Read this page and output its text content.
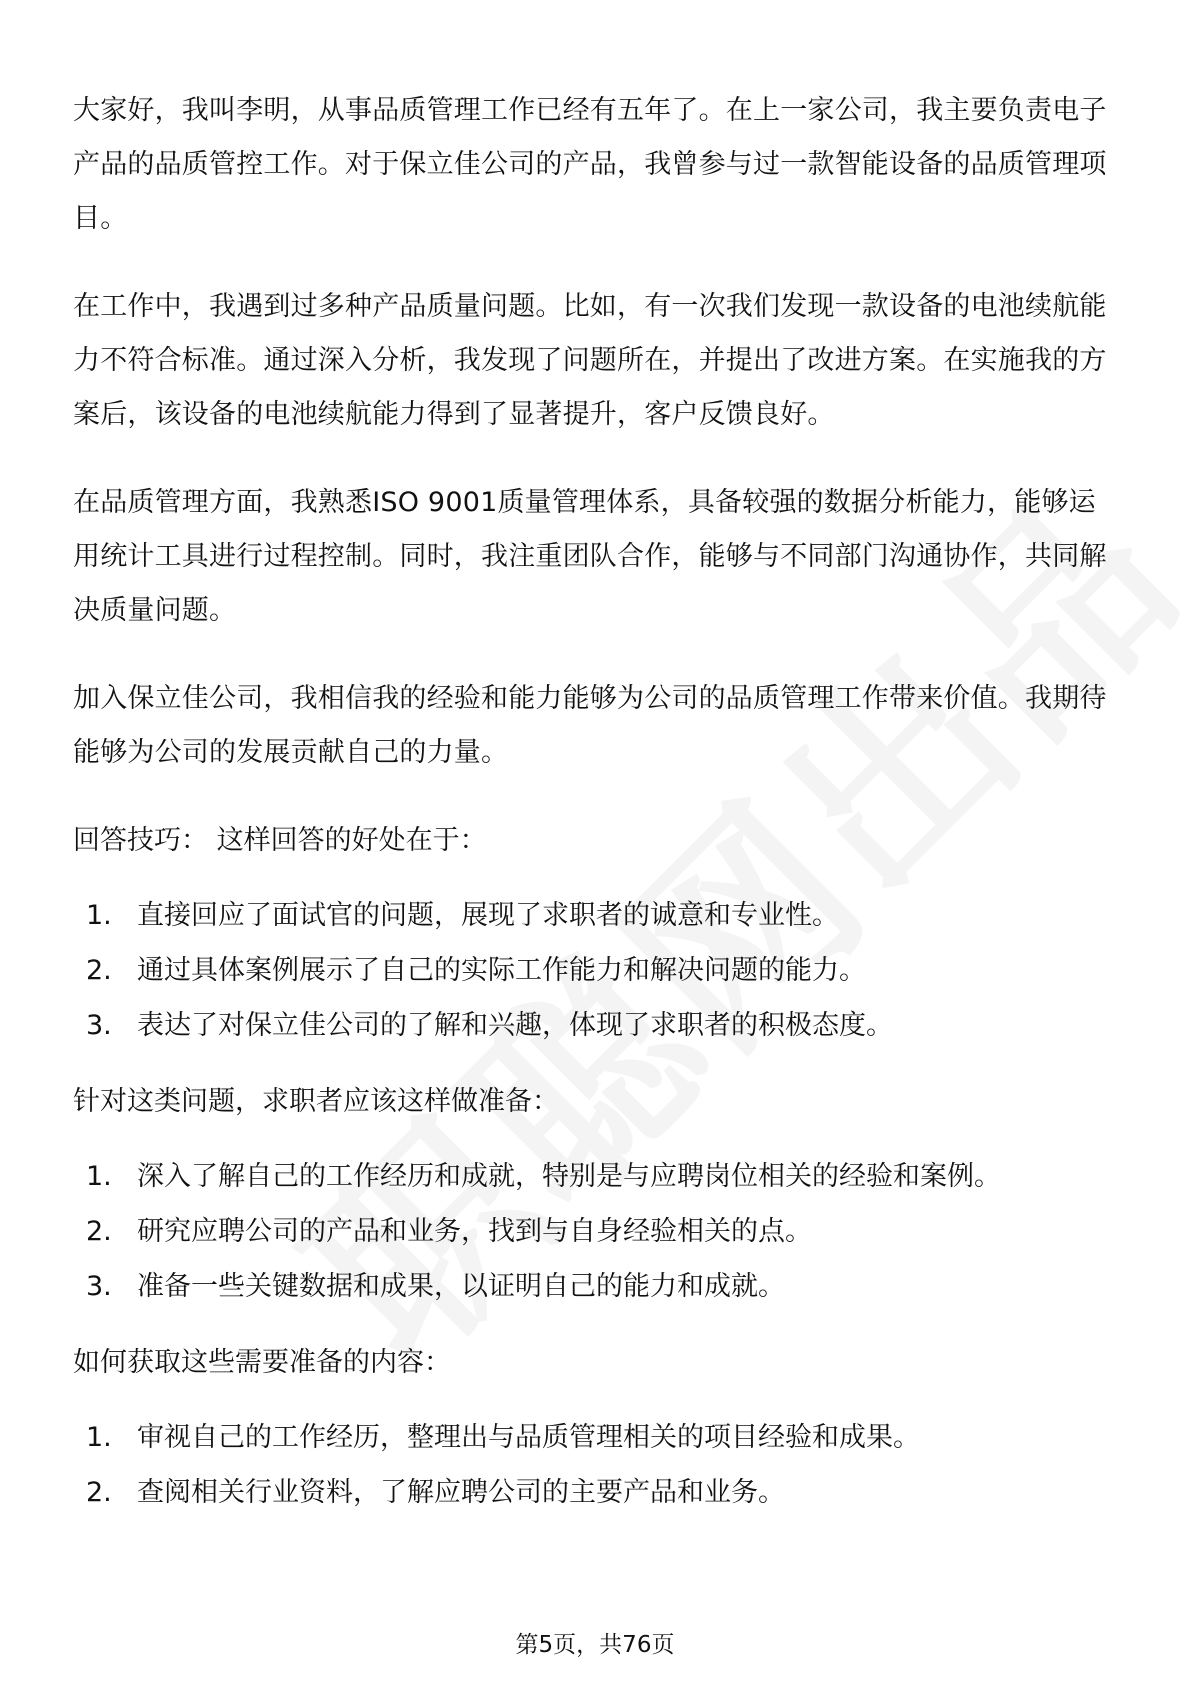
大家好，我叫李明，从事品质管理工作已经有五年了。在上一家公司，我主要负责电子产品的品质管控工作。对于保立佳公司的产品，我曾参与过一款智能设备的品质管理项目。

在工作中，我遇到过多种产品质量问题。比如，有一次我们发现一款设备的电池续航能力不符合标准。通过深入分析，我发现了问题所在，并提出了改进方案。在实施我的方案后，该设备的电池续航能力得到了显著提升，客户反馈良好。

在品质管理方面，我熟悉ISO 9001质量管理体系，具备较强的数据分析能力，能够运用统计工具进行过程控制。同时，我注重团队合作，能够与不同部门沟通协作，共同解决质量问题。

加入保立佳公司，我相信我的经验和能力能够为公司的品质管理工作带来价值。我期待能够为公司的发展贡献自己的力量。

回答技巧： 这样回答的好处在于：
1. 直接回应了面试官的问题，展现了求职者的诚意和专业性。
2. 通过具体案例展示了自己的实际工作能力和解决问题的能力。
3. 表达了对保立佳公司的了解和兴趣，体现了求职者的积极态度。
针对这类问题，求职者应该这样做准备：
1. 深入了解自己的工作经历和成就，特别是与应聘岗位相关的经验和案例。
2. 研究应聘公司的产品和业务，找到与自身经验相关的点。
3. 准备一些关键数据和成果，以证明自己的能力和成就。
如何获取这些需要准备的内容：
1. 审视自己的工作经历，整理出与品质管理相关的项目经验和成果。
2. 查阅相关行业资料，了解应聘公司的主要产品和业务。
第5页，共76页
